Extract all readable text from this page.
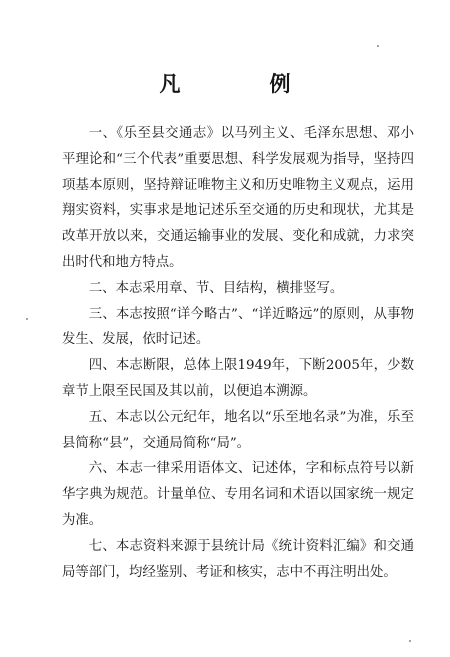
凡　例

一、《乐至县交通志》以马列主义、毛泽东思想、邓小平理论和“三个代表”重要思想、科学发展观为指导，坚持四项基本原则，坚持辩证唯物主义和历史唯物主义观点，运用翔实资料，实事求是地记述乐至交通的历史和现状，尤其是改革开放以来，交通运输事业的发展、变化和成就，力求突出时代和地方特点。

二、本志采用章、节、目结构，横排竖写。

三、本志按照“详今略古”、“详近略远”的原则，从事物发生、发展，依时记述。

四、本志断限，总体上限1949年，下断2005年，少数章节上限至民国及其以前，以便追本溯源。

五、本志以公元纪年，地名以“乐至地名录”为准，乐至县简称“县”，交通局简称“局”。

六、本志一律采用语体文、记述体，字和标点符号以新华字典为规范。计量单位、专用名词和术语以国家统一规定为准。

七、本志资料来源于县统计局《统计资料汇编》和交通局等部门，均经鉴别、考证和核实，志中不再注明出处。
